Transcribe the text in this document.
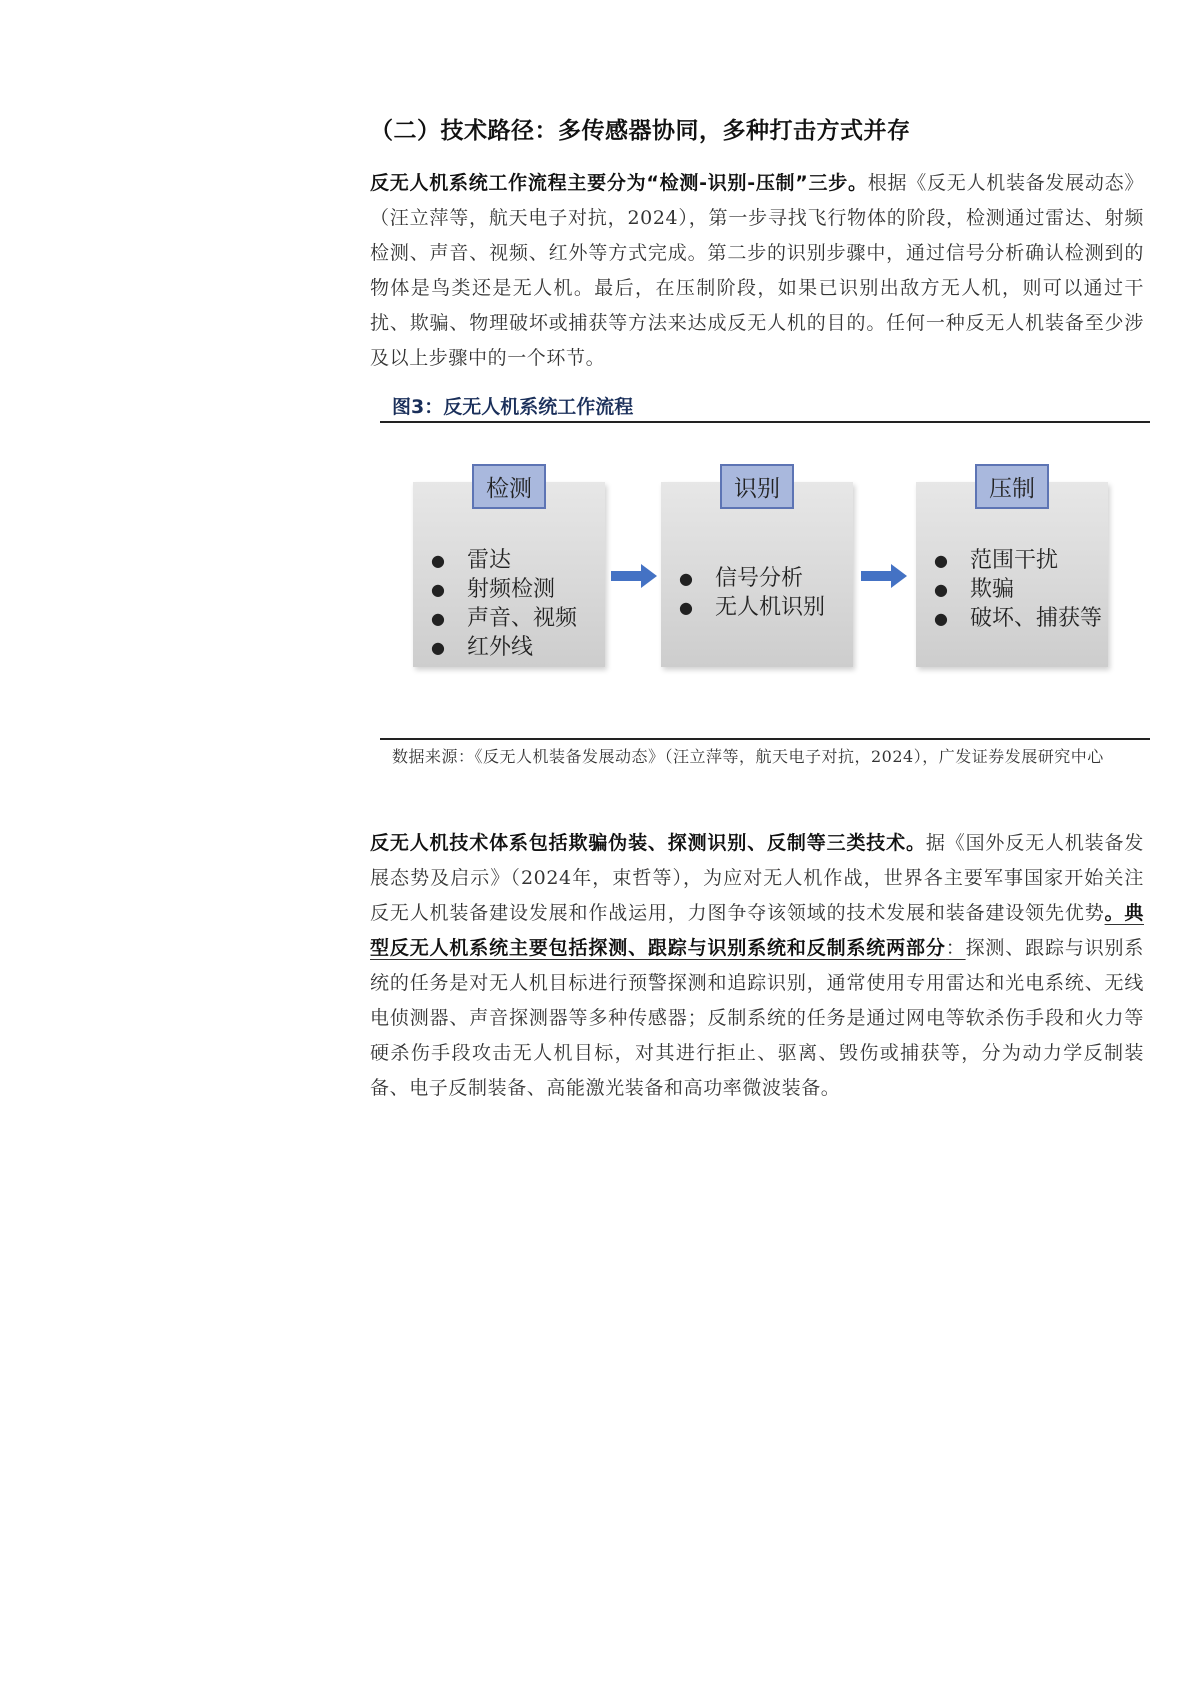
（二）技术路径：多传感器协同，多种打击方式并存
反无人机系统工作流程主要分为“检测-识别-压制”三步。根据《反无人机装备发展动态》（汪立萍等，航天电子对抗，2024），第一步寻找飞行物体的阶段，检测通过雷达、射频检测、声音、视频、红外等方式完成。第二步的识别步骤中，通过信号分析确认检测到的物体是鸟类还是无人机。最后，在压制阶段，如果已识别出敌方无人机，则可以通过干扰、欺骗、物理破坏或捕获等方法来达成反无人机的目的。任何一种反无人机装备至少涉及以上步骤中的一个环节。
图3：反无人机系统工作流程
检测
● 雷达
● 射频检测
● 声音、视频
● 红外线
识别
● 信号分析
● 无人机识别
压制
● 范围干扰
● 欺骗
● 破坏、捕获等
数据来源：《反无人机装备发展动态》（汪立萍等，航天电子对抗，2024），广发证券发展研究中心
反无人机技术体系包括欺骗伪装、探测识别、反制等三类技术。据《国外反无人机装备发展态势及启示》（2024年，束哲等），为应对无人机作战，世界各主要军事国家开始关注反无人机装备建设发展和作战运用，力图争夺该领域的技术发展和装备建设领先优势。典型反无人机系统主要包括探测、跟踪与识别系统和反制系统两部分：探测、跟踪与识别系统的任务是对无人机目标进行预警探测和追踪识别，通常使用专用雷达和光电系统、无线电侦测器、声音探测器等多种传感器；反制系统的任务是通过网电等软杀伤手段和火力等硬杀伤手段攻击无人机目标，对其进行拒止、驱离、毁伤或捕获等，分为动力学反制装备、电子反制装备、高能激光装备和高功率微波装备。
